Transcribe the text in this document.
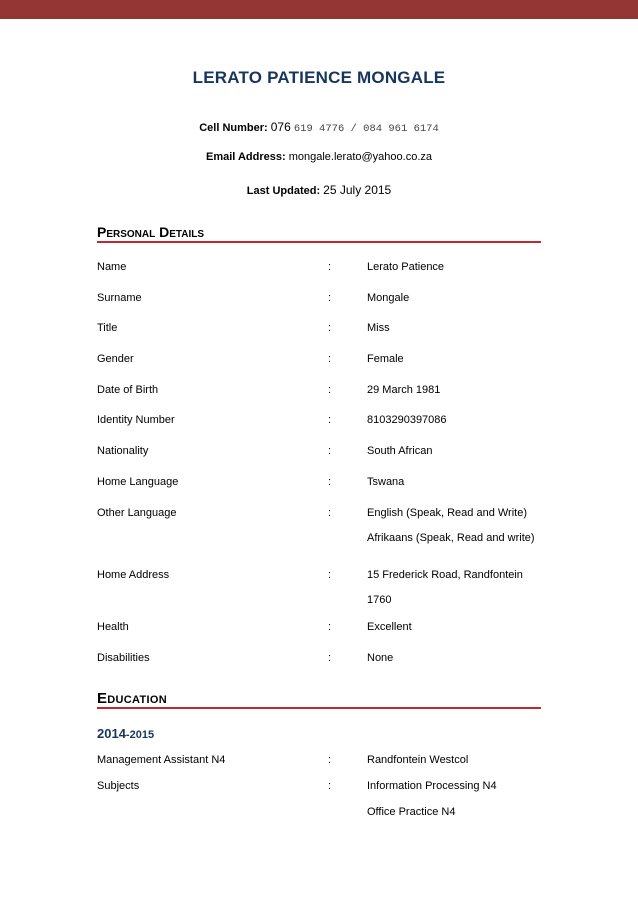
LERATO PATIENCE MONGALE
Cell Number: 076 619 4776 / 084 961 6174
Email Address: mongale.lerato@yahoo.co.za
Last Updated: 25 July 2015
Personal Details
Name	:	Lerato Patience
Surname	:	Mongale
Title	:	Miss
Gender	:	Female
Date of Birth	:	29 March 1981
Identity Number	:	8103290397086
Nationality	:	South African
Home Language	:	Tswana
Other Language	:	English (Speak, Read and Write)
Afrikaans (Speak, Read and write)
Home Address	:	15 Frederick Road, Randfontein
1760
Health	:	Excellent
Disabilities	:	None
Education
2014-2015
Management Assistant N4	:	Randfontein Westcol
Subjects	:	Information Processing N4
Office Practice N4
